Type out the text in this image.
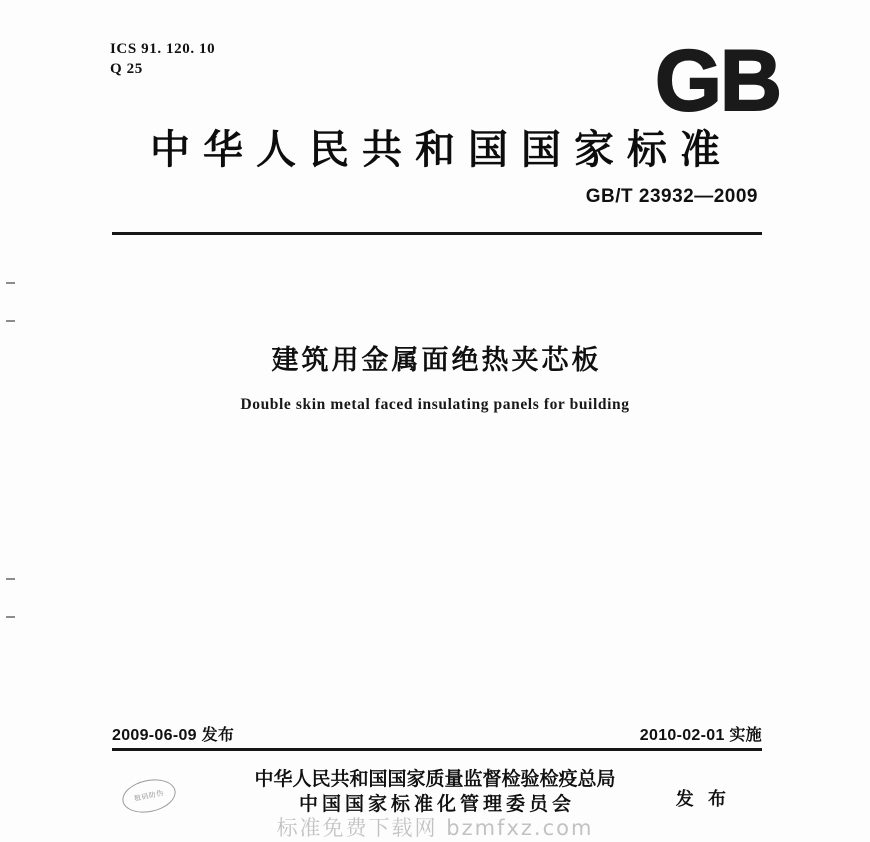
ICS 91. 120. 10
Q 25	GB
中华人民共和国国家标准
GB/T 23932—2009
建筑用金属面绝热夹芯板
Double skin metal faced insulating panels for building
2009-06-09 发布	2010-02-01 实施
数码防伪
中华人民共和国国家质量监督检验检疫总局
中国国家标准化管理委员会	发 布
标准免费下载网 bzmfxz.com
